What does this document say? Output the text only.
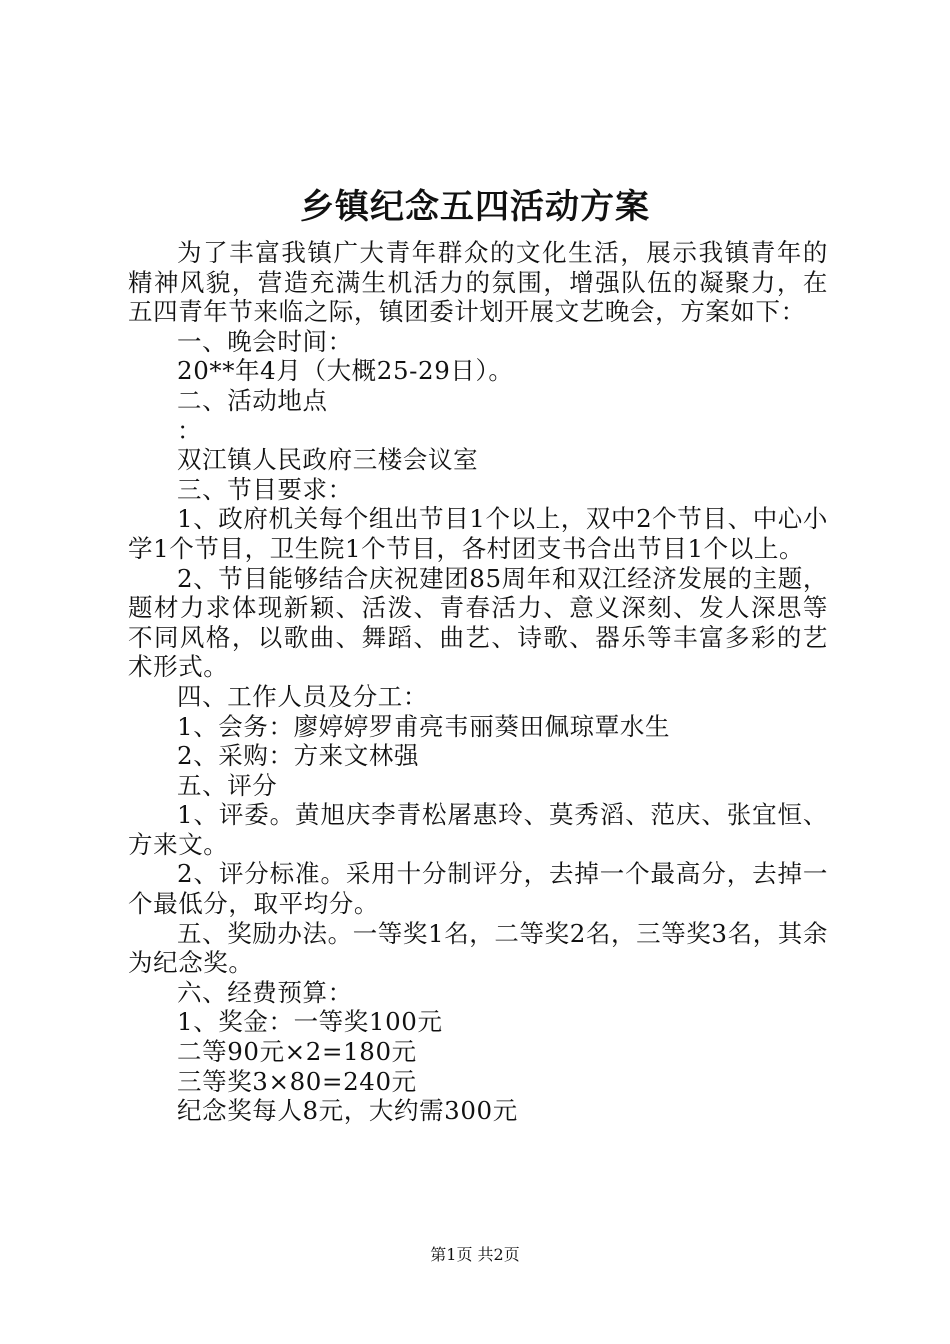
乡镇纪念五四活动方案

为了丰富我镇广大青年群众的文化生活，展示我镇青年的精神风貌，营造充满生机活力的氛围，增强队伍的凝聚力，在五四青年节来临之际，镇团委计划开展文艺晚会，方案如下：

一、晚会时间：

20**年4月（大概25-29日）。

二、活动地点

：

双江镇人民政府三楼会议室

三、节目要求：

1、政府机关每个组出节目1个以上，双中2个节目、中心小学1个节目，卫生院1个节目，各村团支书合出节目1个以上。

2、节目能够结合庆祝建团85周年和双江经济发展的主题，题材力求体现新颖、活泼、青春活力、意义深刻、发人深思等不同风格，以歌曲、舞蹈、曲艺、诗歌、器乐等丰富多彩的艺术形式。

四、工作人员及分工：

1、会务：廖婷婷罗甫亮韦丽葵田佩琼覃水生

2、采购：方来文林强

五、评分

1、评委。黄旭庆李青松屠惠玲、莫秀滔、范庆、张宜恒、方来文。

2、评分标准。采用十分制评分，去掉一个最高分，去掉一个最低分，取平均分。

五、奖励办法。一等奖1名，二等奖2名，三等奖3名，其余为纪念奖。

六、经费预算：

1、奖金：一等奖100元

二等90元×2=180元

三等奖3×80=240元

纪念奖每人8元，大约需300元

第1页 共2页
